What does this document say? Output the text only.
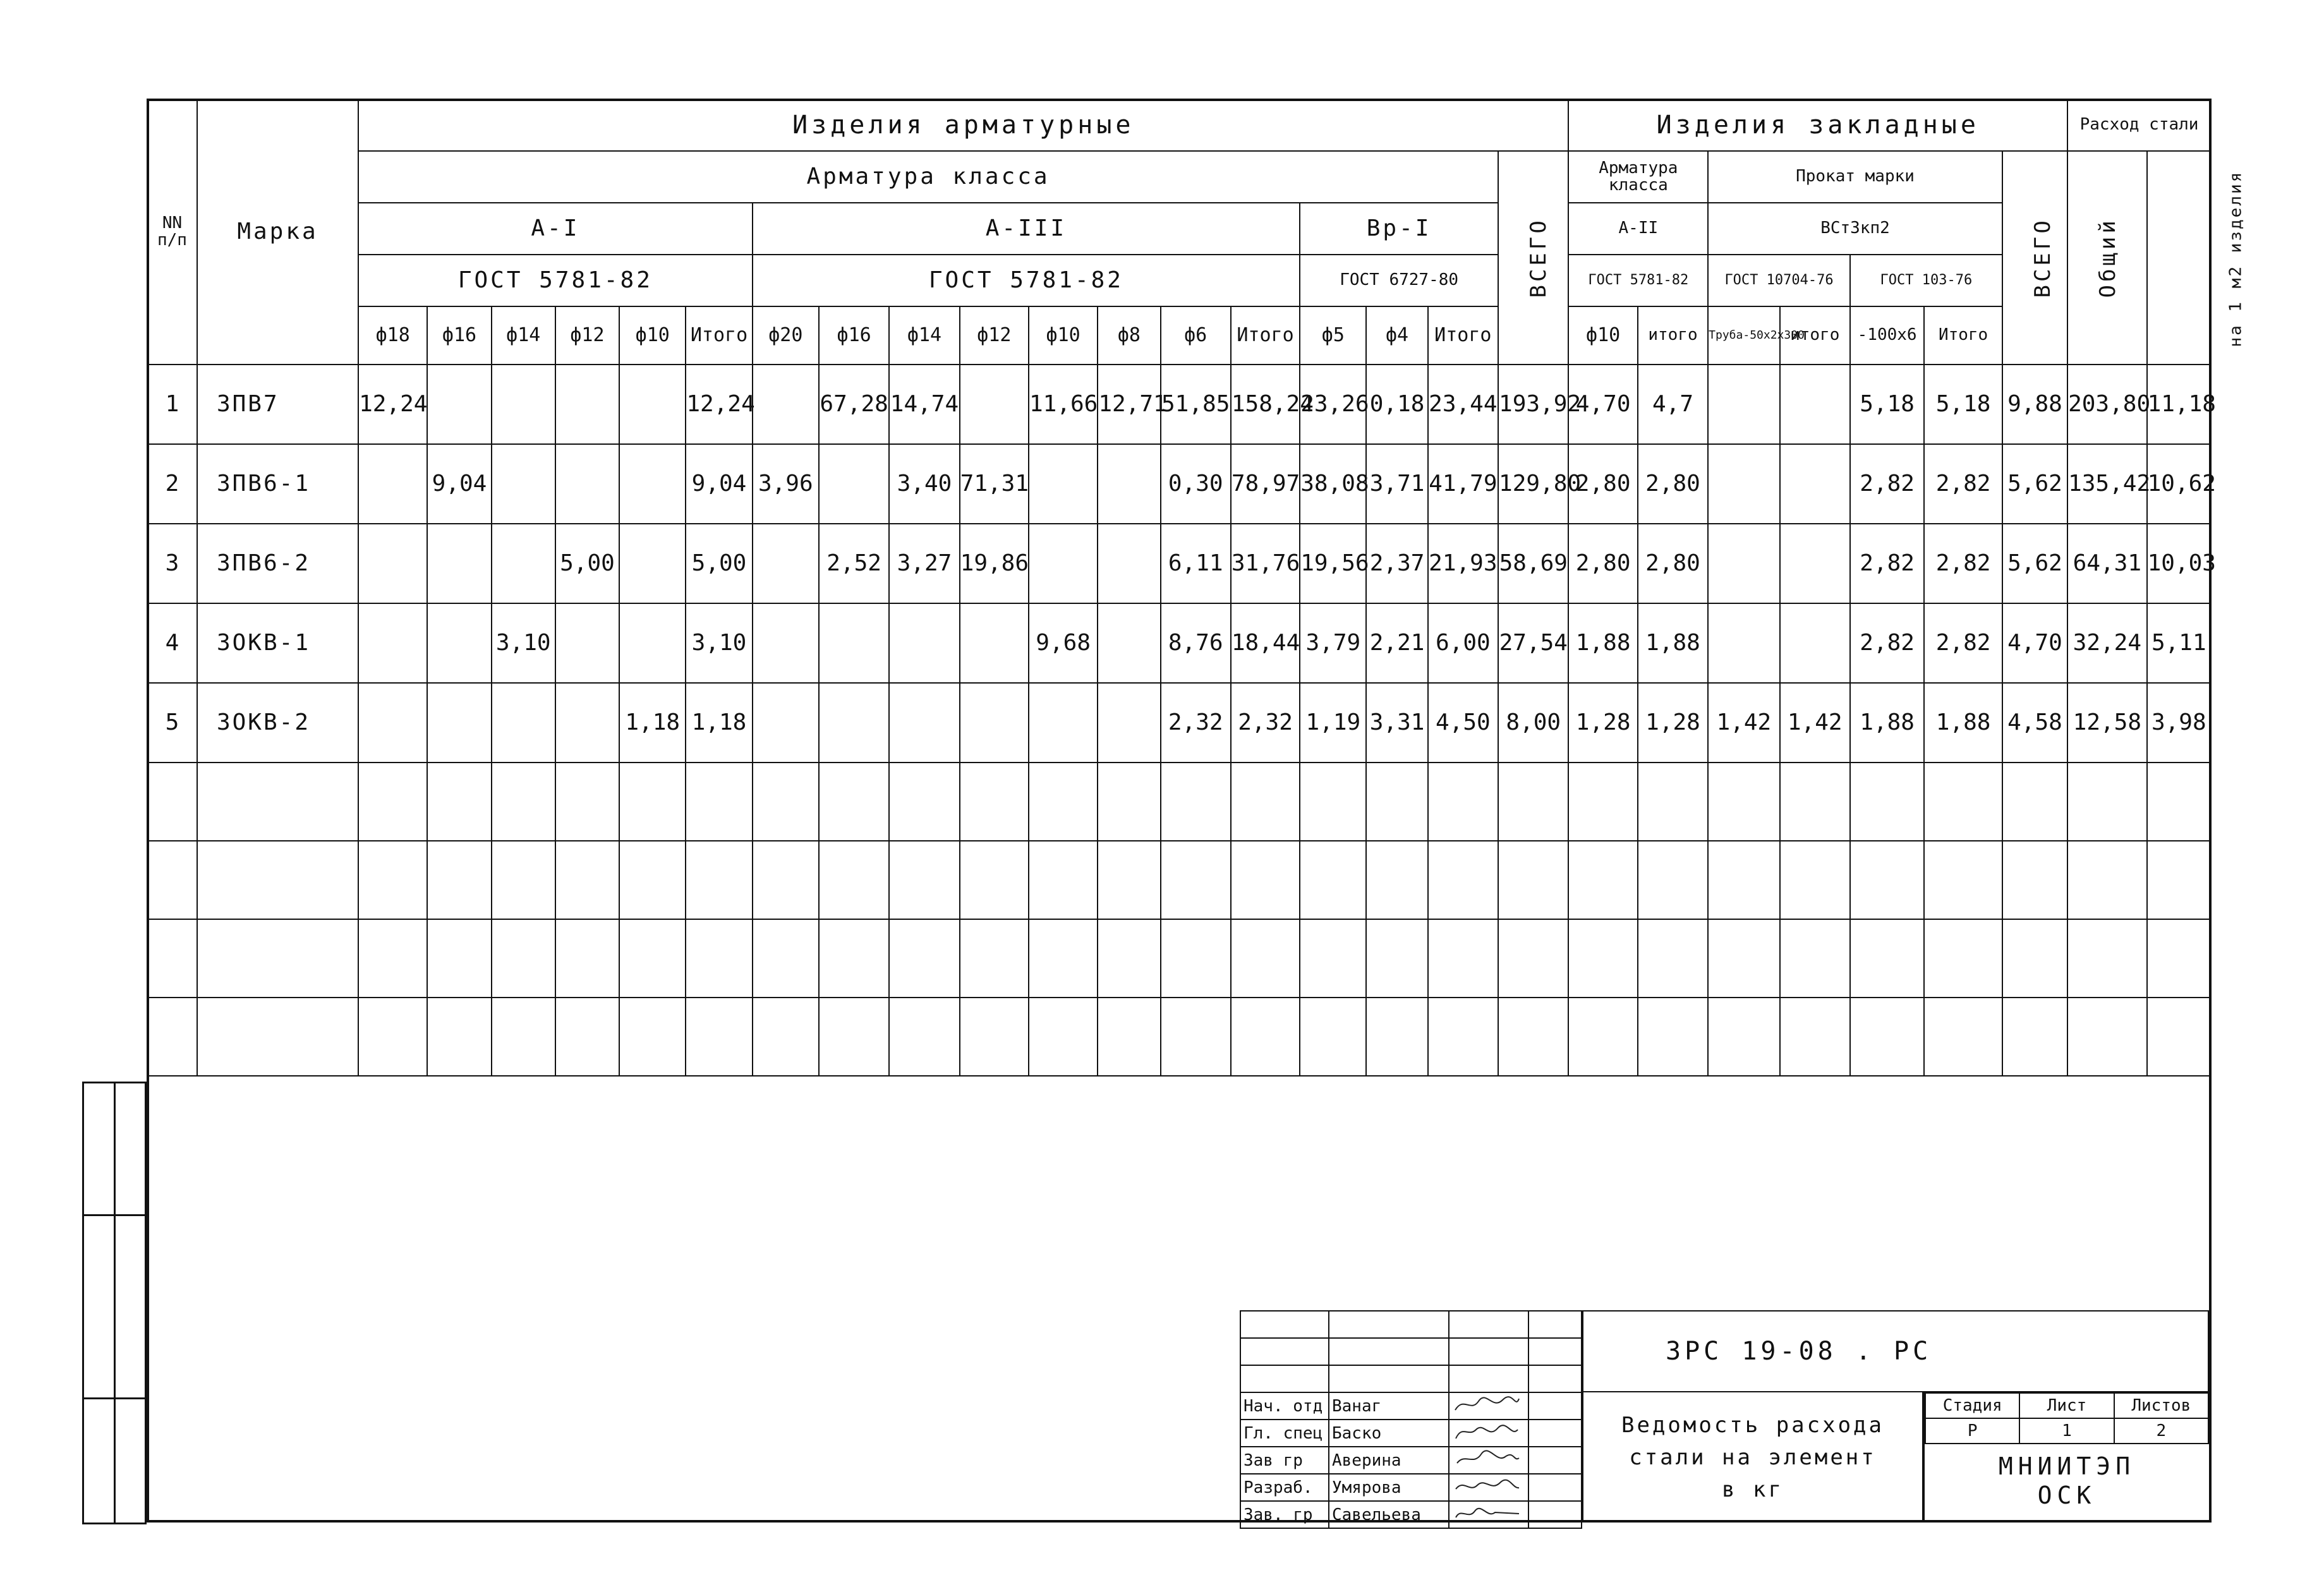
NN п/п	Марка	Изделия арматурные																		Изделия закладные							Расход стали	
		Арматура класса																	ВСЕГО	Арматура класса		Прокат марки				ВСЕГО	Общий	на 1 м2 изделия
		А-I						А-III								Вр-I				А-II		ВСт3кп2						
		ГОСТ 5781-82						ГОСТ 5781-82								ГОСТ 6727-80				ГОСТ 5781-82		ГОСТ 10704-76		ГОСТ 103-76				
		ф18	ф16	ф14	ф12	ф10	Итого	ф20	ф16	ф14	ф12	ф10	ф8	ф6	Итого	ф5	ф4	Итого		ф10	итого	Труба-50х2х300	итого	-100х6	Итого			
1	3ПВ7	12,24					12,24		67,28	14,74		11,66	12,71	51,85	158,24	23,26	0,18	23,44	193,92	4,70	4,7			5,18	5,18	9,88	203,80	11,18
2	3ПВ6-1		9,04				9,04	3,96		3,40	71,31			0,30	78,97	38,08	3,71	41,79	129,80	2,80	2,80			2,82	2,82	5,62	135,42	10,62
3	3ПВ6-2				5,00		5,00		2,52	3,27	19,86			6,11	31,76	19,56	2,37	21,93	58,69	2,80	2,80			2,82	2,82	5,62	64,31	10,03
4	3ОКВ-1			3,10			3,10					9,68		8,76	18,44	3,79	2,21	6,00	27,54	1,88	1,88			2,82	2,82	4,70	32,24	5,11
5	3ОКВ-2					1,18	1,18							2,32	2,32	1,19	3,31	4,50	8,00	1,28	1,28	1,42	1,42	1,88	1,88	4,58	12,58	3,98

Нач. отд	Ванаг		
Гл. спец	Баско		
Зав гр	Аверина		
Разраб.	Умярова		
Зав. гр	Савельева		
3РС 19-08 . РС
Ведомость расхода
стали на элемент
в кг
Стадия	Лист	Листов
Р	1	2
МНИИТЭП
ОСК
